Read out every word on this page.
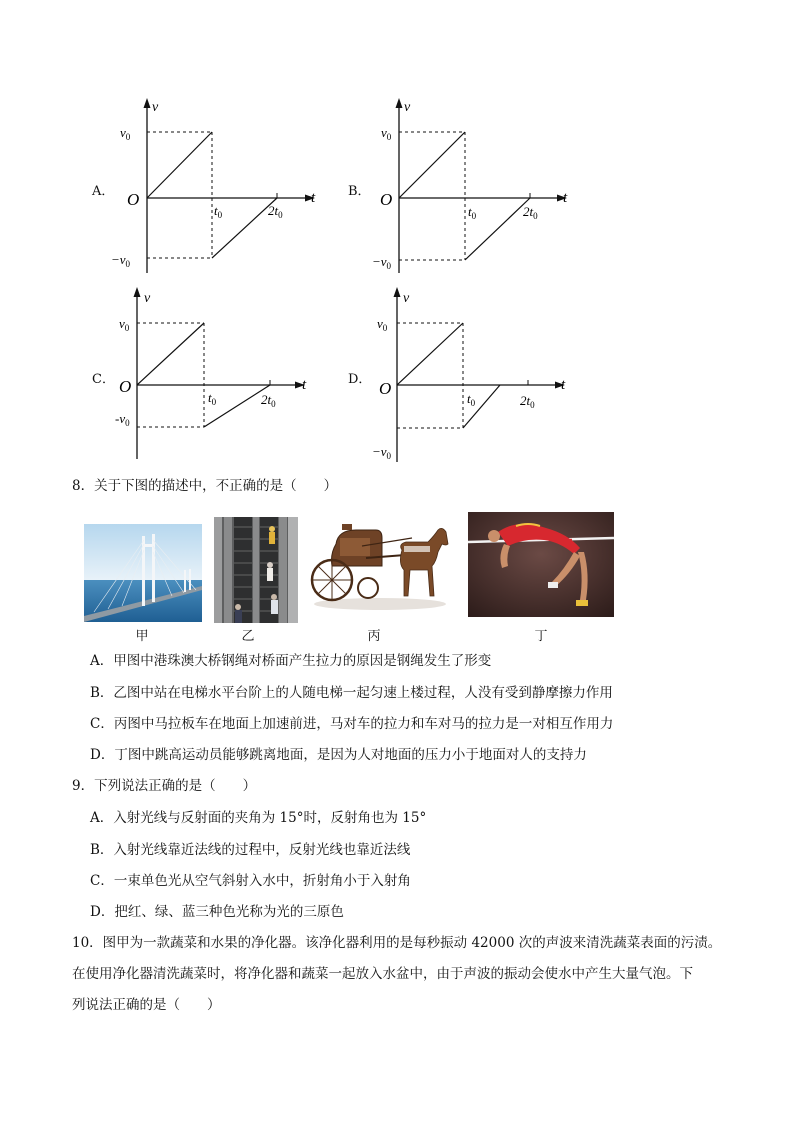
A．
v
t
O
$v_0$
$-v_0$
$t_0$	$2t_0$
B．
v
t
O
$v_0$
$-v_0$
$t_0$	$2t_0$
C．
v
t
O
$v_0$
$-v_0$
$t_0$	$2t_0$
D．
v
t
O
$v_0$
$-v_0$
$t_0$	$2t_0$
8．关于下图的描述中，不正确的是（　　）
甲	乙	丙	丁
A．甲图中港珠澳大桥钢绳对桥面产生拉力的原因是钢绳发生了形变
B．乙图中站在电梯水平台阶上的人随电梯一起匀速上楼过程，人没有受到静摩擦力作用
C．丙图中马拉板车在地面上加速前进，马对车的拉力和车对马的拉力是一对相互作用力
D．丁图中跳高运动员能够跳离地面，是因为人对地面的压力小于地面对人的支持力
9．下列说法正确的是（　　）
A．入射光线与反射面的夹角为 15°时，反射角也为 15°
B．入射光线靠近法线的过程中，反射光线也靠近法线
C．一束单色光从空气斜射入水中，折射角小于入射角
D．把红、绿、蓝三种色光称为光的三原色
10．图甲为一款蔬菜和水果的净化器。该净化器利用的是每秒振动 42000 次的声波来清洗蔬菜表面的污渍。
在使用净化器清洗蔬菜时，将净化器和蔬菜一起放入水盆中，由于声波的振动会使水中产生大量气泡。下
列说法正确的是（　　）
